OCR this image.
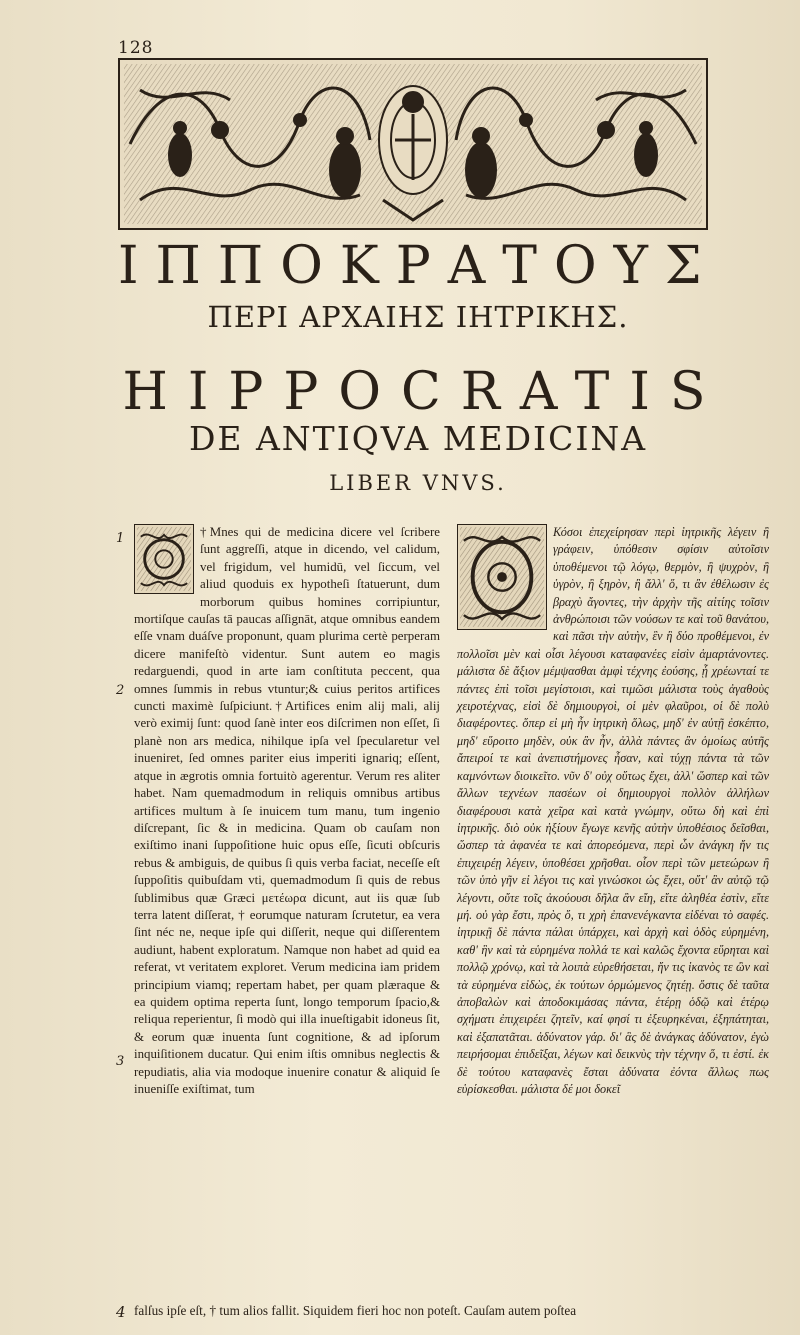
128
ΙΠΠΟΚΡΑΤΟΥΣ
ΠΕΡΙ ΑΡΧΑΙΗΣ ΙΗΤΡΙΚΗΣ.
HIPPOCRATIS
DE ANTIQVA MEDICINA
LIBER VNVS.
1
2
3
4
†Mnes qui de medicina dicere vel ſcribere ſunt aggreſſi, atque in dicendo, vel calidum, vel frigidum, vel humidū, vel ſiccum, vel aliud quoduis ex hypotheſi ſtatuerunt, dum morborum quibus homines corripiuntur, mortiſque cauſas tā paucas aſſignāt, atque omnibus eandem eſſe vnam duáſve proponunt, quam plurima certè perperam dicere manifeſtò videntur. Sunt autem eo magis redarguendi, quod in arte iam conſtituta peccent, qua omnes ſummis in rebus vtuntur;& cuius peritos artifices cuncti maximè ſuſpiciunt.†Artifices enim alij mali, alij verò eximij ſunt: quod ſanè inter eos diſcrimen non eſſet, ſi planè non ars medica, nihilque ipſa vel ſpecularetur vel inueniret, ſed omnes pariter eius imperiti ignariq; eſſent, atque in ægrotis omnia fortuitò agerentur. Verum res aliter habet. Nam quemadmodum in reliquis omnibus artibus artifices multum à ſe inuicem tum manu, tum ingenio diſcrepant, ſic & in medicina. Quam ob cauſam non exiſtimo inani ſuppoſitione huic opus eſſe, ſicuti obſcuris rebus & ambiguis, de quibus ſi quis verba faciat, neceſſe eſt ſuppoſitis quibuſdam vti, quemadmodum ſi quis de rebus ſublimibus quæ Græci μετέωρα dicunt, aut iis quæ ſub terra latent diſſerat, † eorumque naturam ſcrutetur, ea vera ſint néc ne, neque ipſe qui diſſerit, neque qui diſſerentem audiunt, habent exploratum. Namque non habet ad quid ea referat, vt veritatem exploret. Verum medicina iam pridem principium viamq; repertam habet, per quam plæraque & ea quidem optima reperta ſunt, longo temporum ſpacio,& reliqua reperientur, ſi modò qui illa inueſtigabit idoneus ſit, & eorum quæ inuenta ſunt cognitione, & ad ipſorum inquiſitionem ducatur. Qui enim iſtis omnibus neglectis & repudiatis, alia via modoque inuenire conatur & aliquid ſe inueniſſe exiſtimat, tum
Κόσοι ἐπεχείρησαν περὶ ἰητρικῆς λέγειν ἢ γράφειν, ὑπόθεσιν σφίσιν αὐτοῖσιν ὑποθέμενοι τῷ λόγῳ, θερμὸν, ἢ ψυχρὸν, ἢ ὑγρὸν, ἢ ξηρὸν, ἢ ἄλλ' ὅ, τι ἂν ἐθέλωσιν ἐς βραχὺ ἄγοντες, τὴν ἀρχὴν τῆς αἰτίης τοῖσιν ἀνθρώποισι τῶν νούσων τε καὶ τοῦ θανάτου, καὶ πᾶσι τὴν αὐτὴν, ἓν ἢ δύο προθέμενοι, ἐν πολλοῖσι μὲν καὶ οἷσι λέγουσι καταφανέες εἰσὶν ἁμαρτάνοντες. μάλιστα δὲ ἄξιον μέμψασθαι ἀμφὶ τέχνης ἐούσης, ᾗ χρέωνταί τε πάντες ἐπὶ τοῖσι μεγίστοισι, καὶ τιμῶσι μάλιστα τοὺς ἀγαθοὺς χειροτέχνας, εἰσὶ δὲ δημιουργοὶ, οἱ μὲν φλαῦροι, οἱ δὲ πολὺ διαφέροντες. ὅπερ εἰ μὴ ἦν ἰητρικὴ ὅλως, μηδ' ἐν αὐτῇ ἐσκέπτο, μηδ' εὕροιτο μηδὲν, οὐκ ἂν ἦν, ἀλλὰ πάντες ἂν ὁμοίως αὐτῆς ἄπειροί τε καὶ ἀνεπιστήμονες ἦσαν, καὶ τύχῃ πάντα τὰ τῶν καμνόντων διοικεῖτο. νῦν δ' οὐχ οὕτως ἔχει, ἀλλ' ὥσπερ καὶ τῶν ἄλλων τεχνέων πασέων οἱ δημιουργοὶ πολλὸν ἀλλήλων διαφέρουσι κατὰ χεῖρα καὶ κατὰ γνώμην, οὕτω δὴ καὶ ἐπὶ ἰητρικῆς. διὸ οὐκ ἠξίουν ἔγωγε κενῆς αὐτὴν ὑποθέσιος δεῖσθαι, ὥσπερ τὰ ἀφανέα τε καὶ ἀπορεόμενα, περὶ ὧν ἀνάγκη ἤν τις ἐπιχειρέῃ λέγειν, ὑποθέσει χρῆσθαι. οἷον περὶ τῶν μετεώρων ἢ τῶν ὑπὸ γῆν εἰ λέγοι τις καὶ γινώσκοι ὡς ἔχει, οὔτ' ἂν αὐτῷ τῷ λέγοντι, οὔτε τοῖς ἀκούουσι δῆλα ἂν εἴη, εἴτε ἀληθέα ἐστὶν, εἴτε μή. οὐ γὰρ ἔστι, πρὸς ὅ, τι χρὴ ἐπανενέγκαντα εἰδέναι τὸ σαφές. ἰητρικῇ δὲ πάντα πάλαι ὑπάρχει, καὶ ἀρχὴ καὶ ὁδὸς εὑρημένη, καθ' ἣν καὶ τὰ εὑρημένα πολλά τε καὶ καλῶς ἔχοντα εὕρηται καὶ πολλῷ χρόνῳ, καὶ τὰ λοιπὰ εὑρεθήσεται, ἤν τις ἱκανὸς τε ὢν καὶ τὰ εὑρημένα εἰδὼς, ἐκ τούτων ὁρμώμενος ζητέῃ. ὅστις δὲ ταῦτα ἀποβαλὼν καὶ ἀποδοκιμάσας πάντα, ἑτέρῃ ὁδῷ καὶ ἑτέρῳ σχήματι ἐπιχειρέει ζητεῖν, καί φησί τι ἐξευρηκέναι, ἐξηπάτηται, καὶ ἐξαπατᾶται. ἀδύνατον γάρ. δι' ἃς δὲ ἀνάγκας ἀδύνατον, ἐγὼ πειρήσομαι ἐπιδεῖξαι, λέγων καὶ δεικνὺς τὴν τέχνην ὅ, τι ἐστί. ἐκ δὲ τούτου καταφανὲς ἔσται ἀδύνατα ἐόντα ἄλλως πως εὑρίσκεσθαι. μάλιστα δέ μοι δοκεῖ
falſus ipſe eſt, † tum alios fallit. Siquidem fieri hoc non poteſt. Cauſam autem poſtea
